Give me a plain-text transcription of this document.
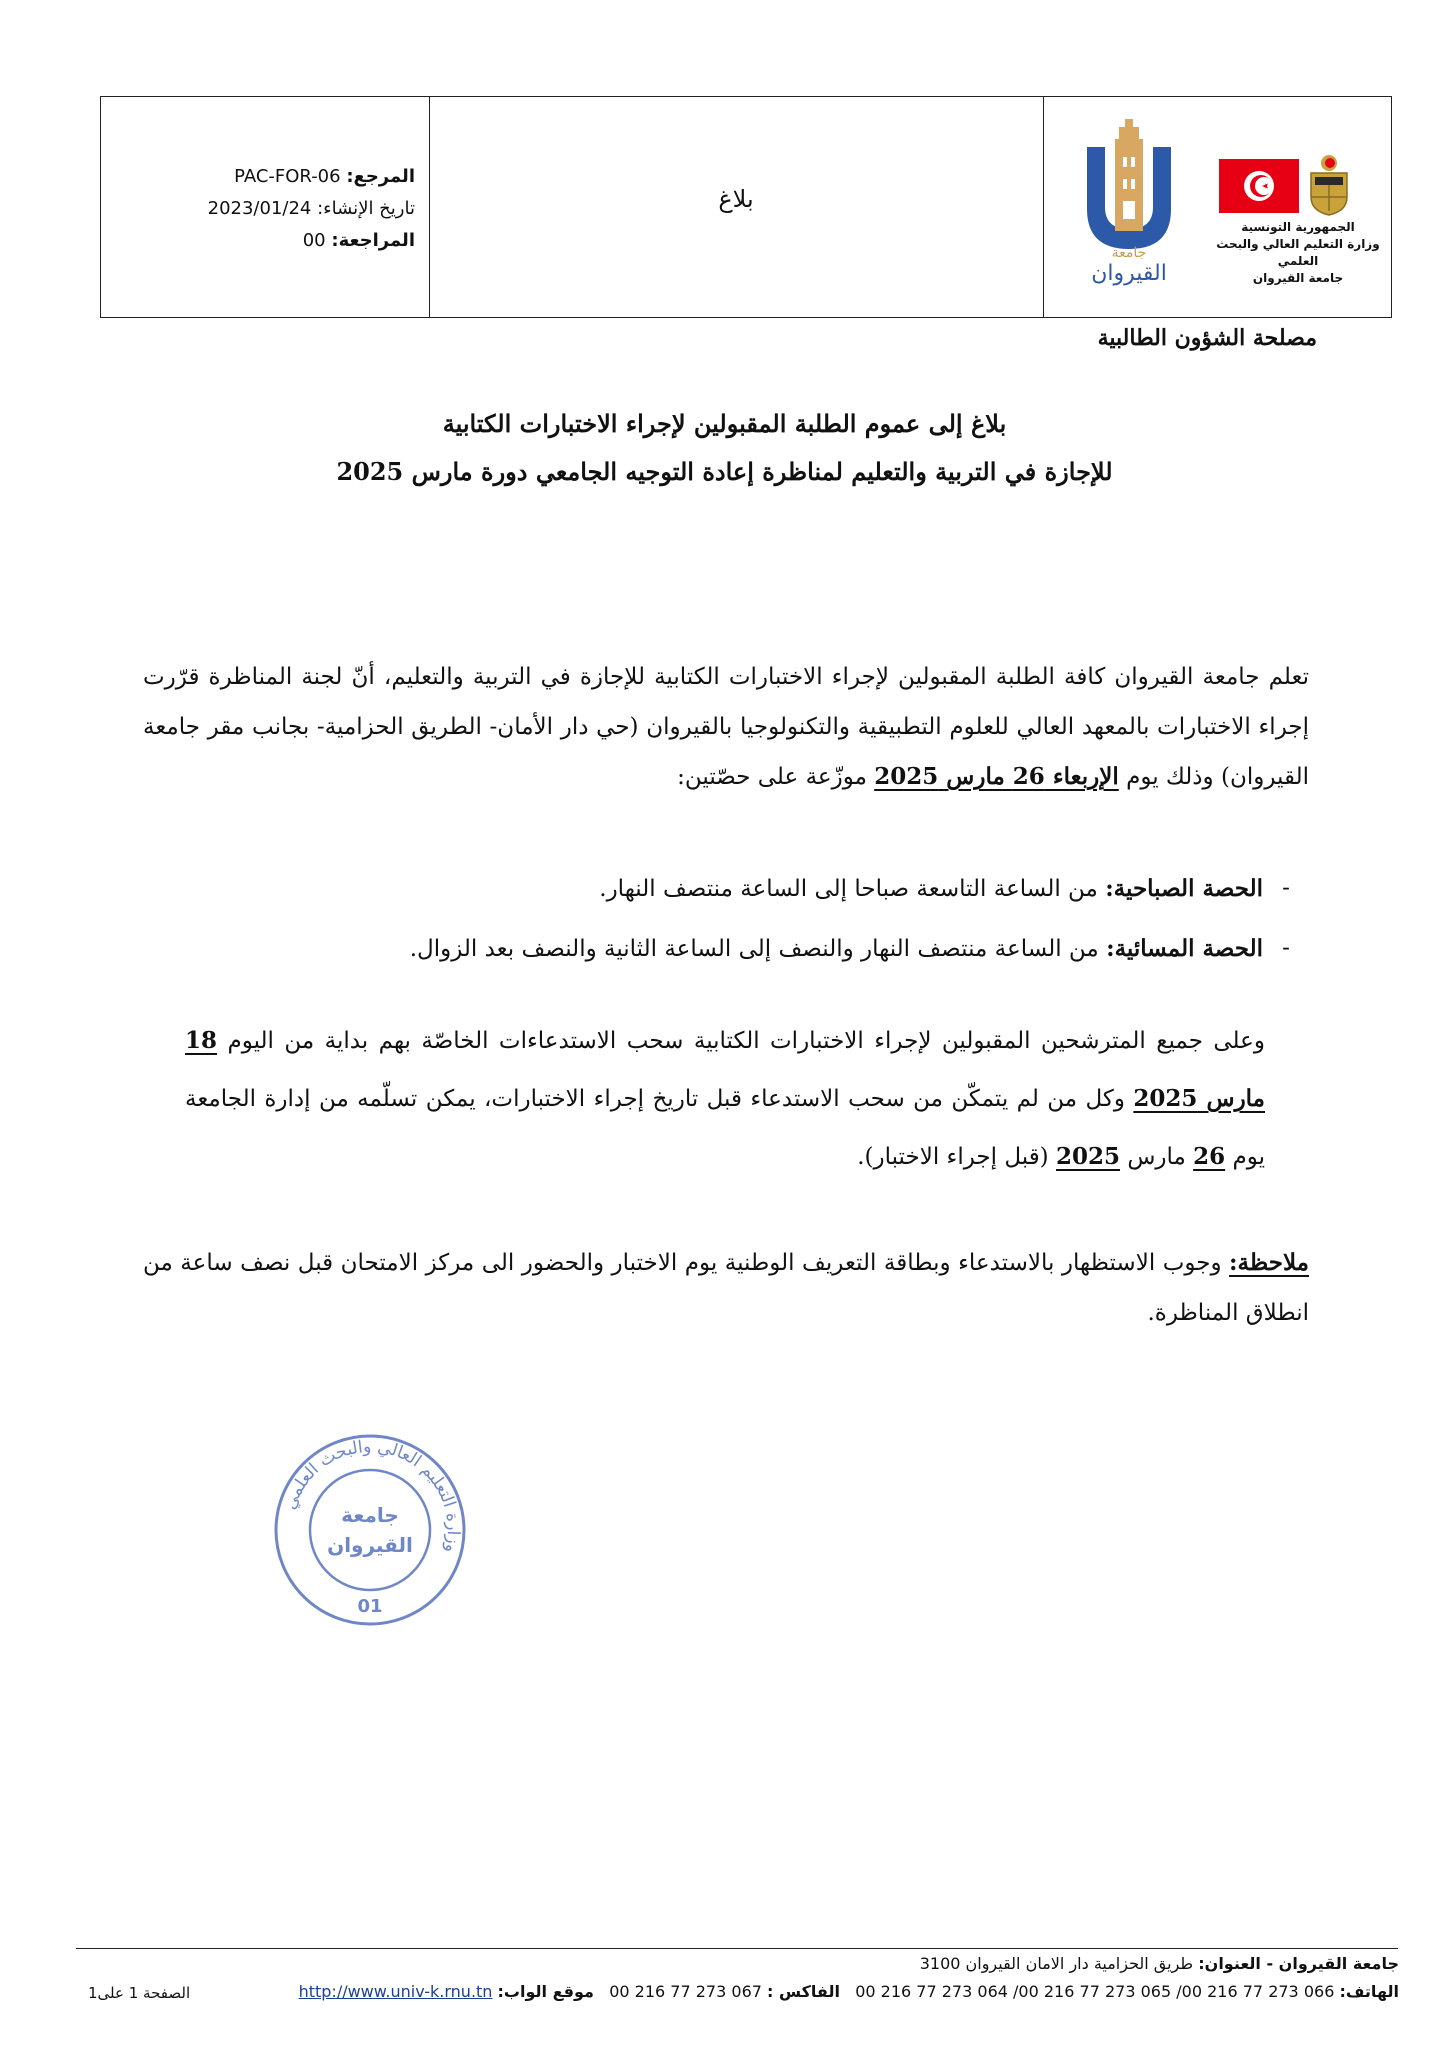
المرجع: PAC-FOR-06
تاريخ الإنشاء: 2023/01/24
المراجعة: 00
بلاغ
جامعة
القيروان
الجمهورية التونسية
وزارة التعليم العالي والبحث العلمي
جامعة القيروان
مصلحة الشؤون الطالبية
بلاغ إلى عموم الطلبة المقبولين لإجراء الاختبارات الكتابية
للإجازة في التربية والتعليم لمناظرة إعادة التوجيه الجامعي دورة مارس 2025
تعلم جامعة القيروان كافة الطلبة المقبولين لإجراء الاختبارات الكتابية للإجازة في التربية والتعليم، أنّ لجنة المناظرة قرّرت إجراء الاختبارات بالمعهد العالي للعلوم التطبيقية والتكنولوجيا بالقيروان (حي دار الأمان- الطريق الحزامية- بجانب مقر جامعة القيروان) وذلك يوم الإربعاء 26 مارس 2025 موزّعة على حصّتين:
-
الحصة الصباحية: من الساعة التاسعة صباحا إلى الساعة منتصف النهار.
-
الحصة المسائية: من الساعة منتصف النهار والنصف إلى الساعة الثانية والنصف بعد الزوال.
وعلى جميع المترشحين المقبولين لإجراء الاختبارات الكتابية سحب الاستدعاءات الخاصّة بهم بداية من اليوم 18 مارس 2025 وكل من لم يتمكّن من سحب الاستدعاء قبل تاريخ إجراء الاختبارات، يمكن تسلّمه من إدارة الجامعة يوم 26 مارس 2025 (قبل إجراء الاختبار).
ملاحظة: وجوب الاستظهار بالاستدعاء وبطاقة التعريف الوطنية يوم الاختبار والحضور الى مركز الامتحان قبل نصف ساعة من انطلاق المناظرة.
وزارة التعليم العالي والبحث العلمي
جامعة
القيروان
01
جامعة القيروان - العنوان: طريق الحزامية دار الامان القيروان 3100
الهاتف: 066 273 77 216 00/ 065 273 77 216 00/ 064 273 77 216 00   الفاكس : 067 273 77 216 00   موقع الواب: http://www.univ-k.rnu.tn
الصفحة 1 على1
